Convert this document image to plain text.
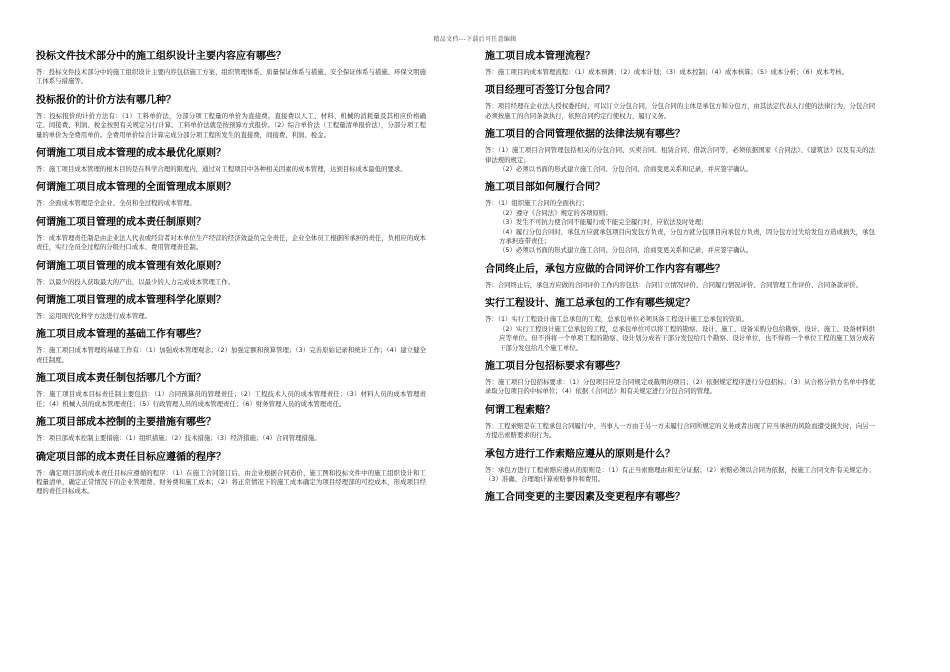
精品文档---下载后可任意编辑
投标文件技术部分中的施工组织设计主要内容应有哪些？
答：投标文件技术部分中的施工组织设计主要内容包括施工方案、组织管理体系、质量保证体系与措施、安全保证体系与措施、环保文明施工体系与措施等。
投标报价的计价方法有哪几种？
答：投标报价的计价方法有：（1）工料单价法，分部分项工程量的单价为直接费。直接费以人工、材料、机械的消耗量及其相应价格确定。间接费、利润、税金按照有关规定另行计算。工料单价法就是按预算方式报价。（2）综合单价法（工程量清单报价法），分部分项工程量的单价为全费用单价。全费用单价综合计算完成分部分项工程所发生的直接费，间接费、利润、税金。
何谓施工项目成本管理的成本最优化原则？
答：施工项目成本管理的根本目的是在科学合理的限度内，通过对工程项目中各种相关因素的成本管理，达到目标成本最低的要求。
何谓施工项目成本管理的全面管理成本原则？
答：全面成本管理是全企业、全员和全过程的成本管理。
何谓施工项目管理的成本责任制原则？
答：成本管理责任制是由企业法人代表或经营者对本单位生产经营的经济效益负完全责任，企业全体员工根据所承担的责任，负相应的成本责任，实行全员全过程的分级归口成本、费用管理责任制。
何谓施工项目管理的成本管理有效化原则？
答：以最少的投入获取最大的产出，以最少的人力完成成本管理工作。
何谓施工项目管理的成本管理科学化原则？
答：运用现代化科学方法进行成本管理。
施工项目成本管理的基础工作有哪些？
答：施工项目成本管理的基础工作有：（1）加强成本管理观念；（2）加强定额和预算管理；（3）完善原始记录和统计工作；（4）建立健全责任制度。
施工项目成本责任制包括哪几个方面？
答：施工项目成本目标责任制主要包括：（1）合同预算员的管理责任；（2）工程技术人员的成本管理责任；（3）材料人员的成本管理责任；（4）机械人员的成本管理责任；（5）行政管理人员的成本管理责任；（6）财务管理人员的成本管理责任。
施工项目部成本控制的主要措施有哪些？
答：项目部成本控制主要措施：（1）组织措施；（2）技术措施；（3）经济措施；（4）合同管理措施。
确定项目部的成本责任目标应遵循的程序？
答：确定项目部的成本责任目标应遵循的程序：（1）在施工合同签订后，由企业根据合同造价、施工图和投标文件中的施工组织设计和工程量清单，确定正常情况下的企业管理费、财务费和施工成本；（2）将正常情况下的施工成本确定为项目经理部的可控成本，形成项目经理的责任目标成本。
施工项目成本管理流程？
答：施工项目的成本管理流程：（1）成本预测；（2）成本计划；（3）成本控制；（4）成本核算；（5）成本分析；（6）成本考核。
项目经理可否签订分包合同？
答：项目经理在企业法人授权委托时，可以订立分包合同，分包合同的主体是承包方和分包方，由其法定代表人行使的法律行为，分包合同必须按施工的合同条款执行，依照合同约定行使权力，履行义务。
施工项目的合同管理依据的法律法规有哪些？
答：（1）施工项目合同管理包括相关的分包合同、买卖合同、租赁合同、借款合同等，必须依据国家《合同法》、《建筑法》以及有关的法律法规的规定；
（2）必须以书面的形式建立施工合同、分包合同、洽商变更关系和记录，并应签字确认。
施工项目部如何履行合同？
答：（1）组织施工合同的全面执行；
（2）遵守《合同法》规定的各项原则；
（3）发生不可抗力使合同不能履行或不能完全履行时，应依法及时处理；
（4）履行分包合同时，承包方应就承包项目向发包方负责，分包方就分包项目向承包方负责，因分包方过失给发包方造成损失，承包方承担连带责任；
（5）必须以书面的形式建立施工合同、分包合同、洽商变更关系和记录，并应签字确认。
合同终止后，承包方应做的合同评价工作内容有哪些？
答：合同终止后，承包方应做的合同评价工作内容包括：合同订立情况评价、合同履行情况评价、合同管理工作评价、合同条款评价。
实行工程设计、施工总承包的工作有哪些规定？
答：（1）实行工程设计施工总承包的工程，总承包单位必须具备工程设计施工总承包的资质。
（2）实行工程设计施工总承包的工程，总承包单位可以将工程的勘察、设计、施工、设备采购分包给勘察、设计、施工、设备材料供应等单位。但不得将一个单项工程的勘察、设计划分成若干部分发包给几个勘察、设计单位，也不得将一个单位工程的施工划分成若干部分发包给几个施工单位。
施工项目分包招标要求有哪些？
答：施工项目分包招标要求：（1）分包项目应是合同规定或截明的项目；（2）依据规定程序进行分包招标；（3）从合格分供方名单中择优录取分包项目的中标单位；（4）依据《合同法》和有关规定进行分包合同的管理。
何谓工程索赔？
答：工程索赔是在工程承包合同履行中，当事人一方由于另一方未履行合同所规定的义务或者出现了应当承担的风险而遭受损失时，向另一方提出索赔要求的行为。
承包方进行工作索赔应遵从的原则是什么？
答：承包方进行工程索赔应遵从的原则是：（1）有正当索赔理由和充分证据；（2）索赔必须以合同为依据，按施工合同文件有关规定办；（3）准确、合理地计算索赔事件和费用。
施工合同变更的主要因素及变更程序有哪些？
